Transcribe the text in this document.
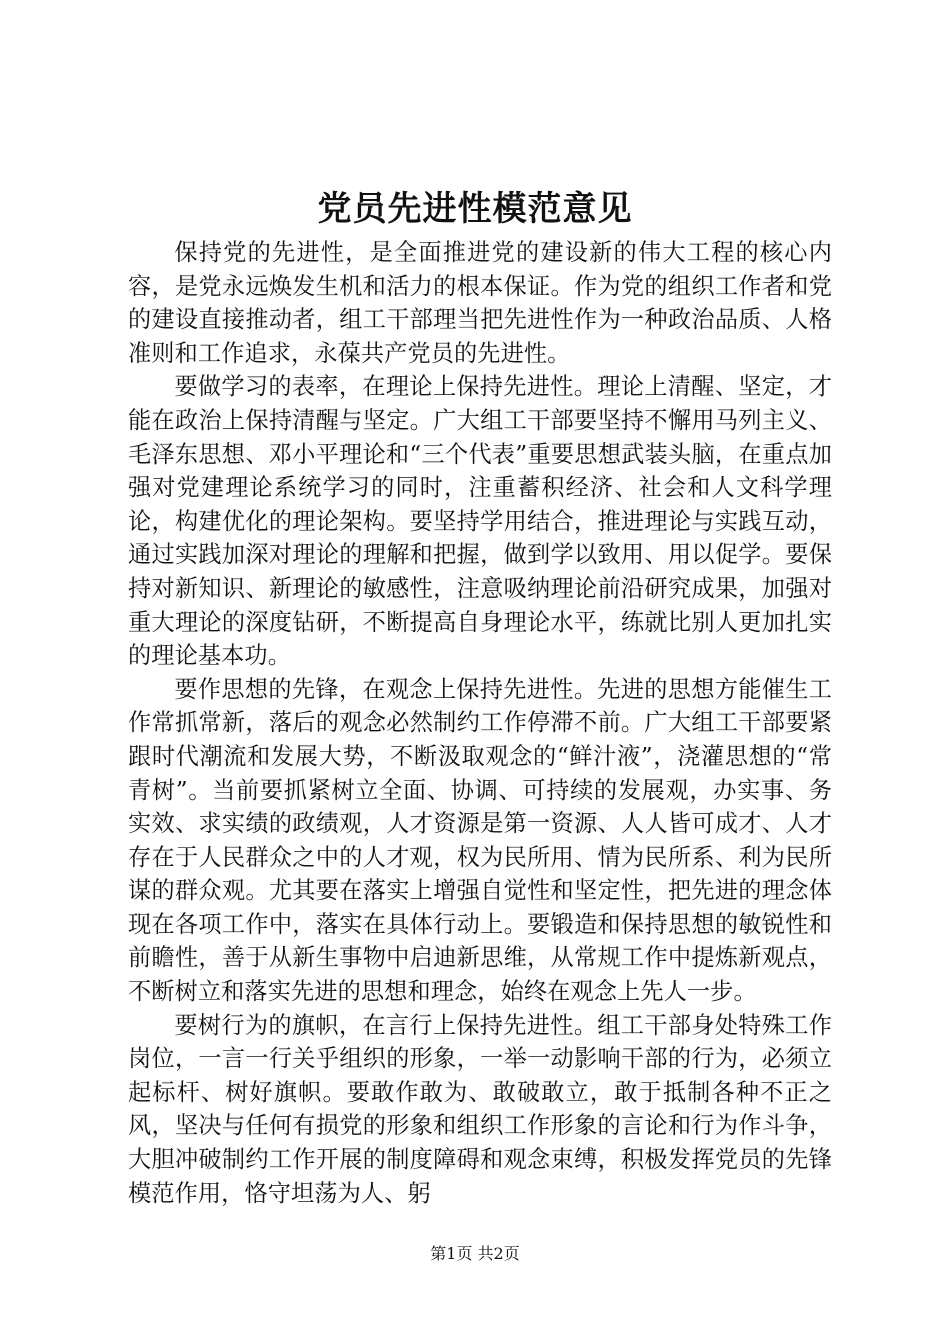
党员先进性模范意见

保持党的先进性，是全面推进党的建设新的伟大工程的核心内容，是党永远焕发生机和活力的根本保证。作为党的组织工作者和党的建设直接推动者，组工干部理当把先进性作为一种政治品质、人格准则和工作追求，永葆共产党员的先进性。

要做学习的表率，在理论上保持先进性。理论上清醒、坚定，才能在政治上保持清醒与坚定。广大组工干部要坚持不懈用马列主义、毛泽东思想、邓小平理论和“三个代表”重要思想武装头脑，在重点加强对党建理论系统学习的同时，注重蓄积经济、社会和人文科学理论，构建优化的理论架构。要坚持学用结合，推进理论与实践互动，通过实践加深对理论的理解和把握，做到学以致用、用以促学。要保持对新知识、新理论的敏感性，注意吸纳理论前沿研究成果，加强对重大理论的深度钻研，不断提高自身理论水平，练就比别人更加扎实的理论基本功。

要作思想的先锋，在观念上保持先进性。先进的思想方能催生工作常抓常新，落后的观念必然制约工作停滞不前。广大组工干部要紧跟时代潮流和发展大势，不断汲取观念的“鲜汁液”，浇灌思想的“常青树”。当前要抓紧树立全面、协调、可持续的发展观，办实事、务实效、求实绩的政绩观，人才资源是第一资源、人人皆可成才、人才存在于人民群众之中的人才观，权为民所用、情为民所系、利为民所谋的群众观。尤其要在落实上增强自觉性和坚定性，把先进的理念体现在各项工作中，落实在具体行动上。要锻造和保持思想的敏锐性和前瞻性，善于从新生事物中启迪新思维，从常规工作中提炼新观点，不断树立和落实先进的思想和理念，始终在观念上先人一步。

要树行为的旗帜，在言行上保持先进性。组工干部身处特殊工作岗位，一言一行关乎组织的形象，一举一动影响干部的行为，必须立起标杆、树好旗帜。要敢作敢为、敢破敢立，敢于抵制各种不正之风，坚决与任何有损党的形象和组织工作形象的言论和行为作斗争，大胆冲破制约工作开展的制度障碍和观念束缚，积极发挥党员的先锋模范作用，恪守坦荡为人、躬

第1页 共2页
